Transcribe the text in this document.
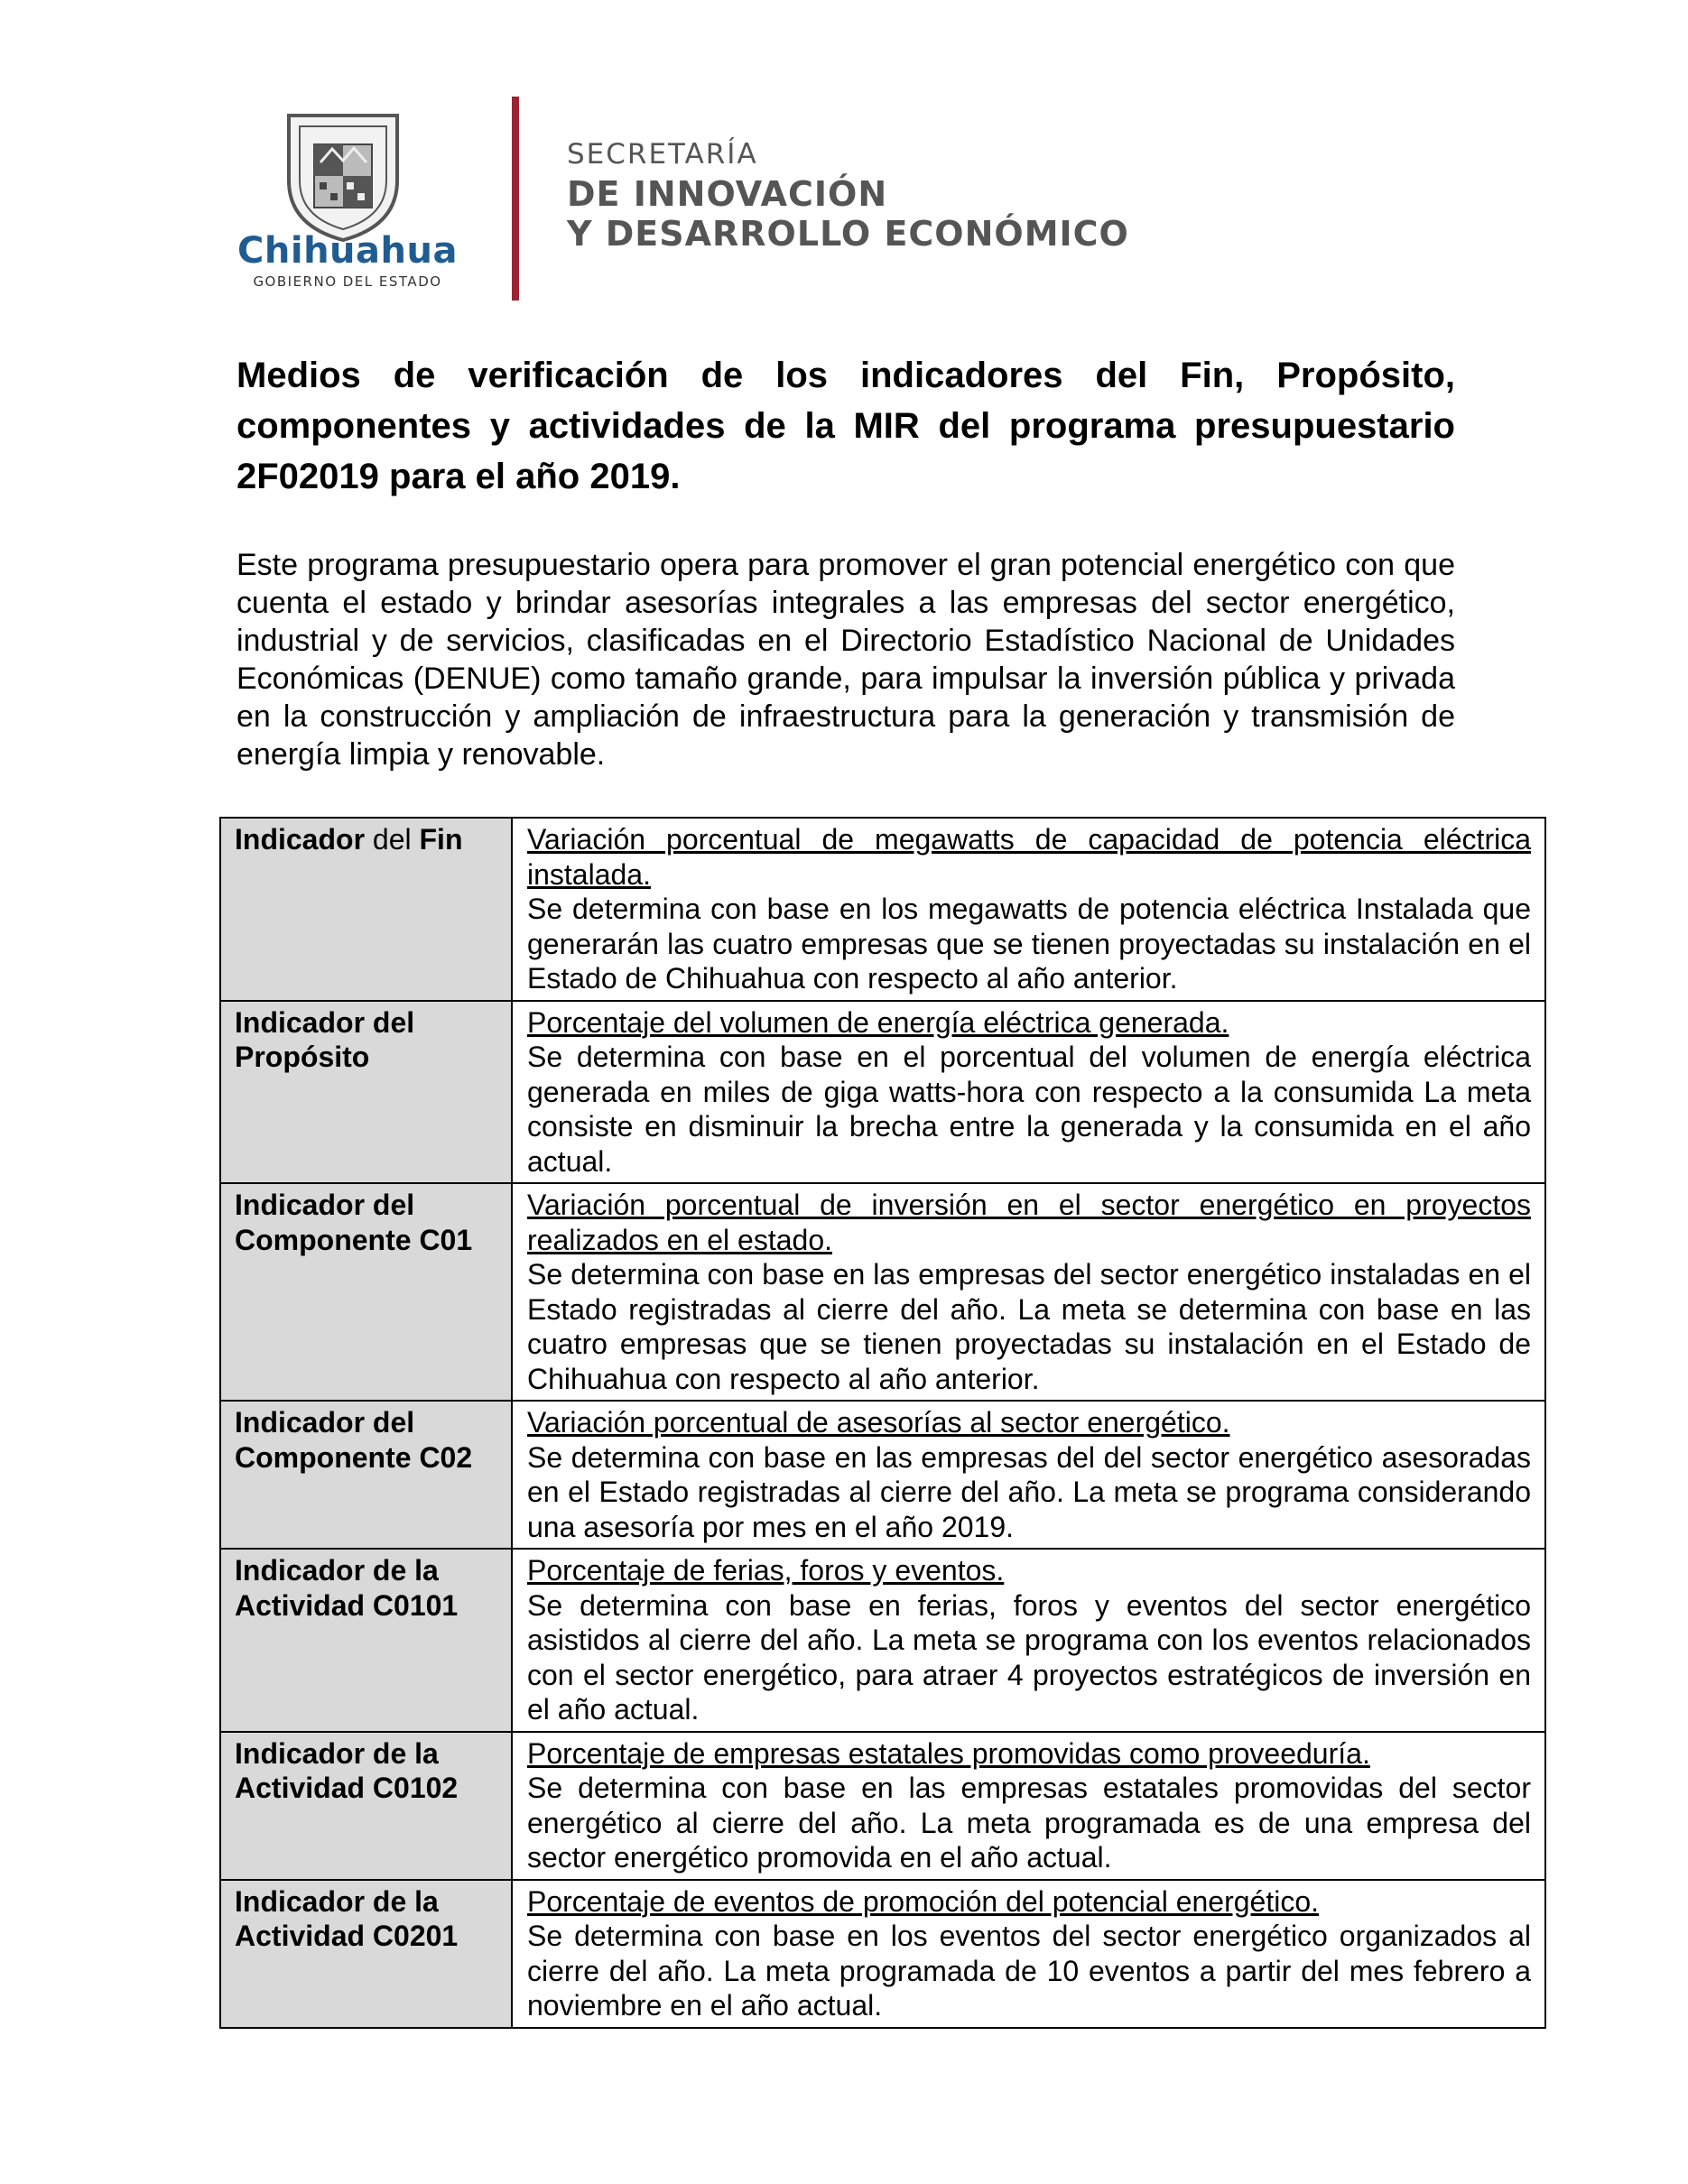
Chihuahua
GOBIERNO DEL ESTADO
SECRETARÍA
DE INNOVACIÓN
Y DESARROLLO ECONÓMICO
Medios de verificación de los indicadores del Fin, Propósito, componentes y actividades de la MIR del programa presupuestario 2F02019 para el año 2019.
Este programa presupuestario opera para promover el gran potencial energético con que cuenta el estado y brindar asesorías integrales a las empresas del sector energético, industrial y de servicios, clasificadas en el Directorio Estadístico Nacional de Unidades Económicas (DENUE) como tamaño grande, para impulsar la inversión pública y privada en la construcción y ampliación de infraestructura para la generación y transmisión de energía limpia y renovable.
Indicador del Fin	Variación porcentual de megawatts de capacidad de potencia eléctrica instalada.
Se determina con base en los megawatts de potencia eléctrica Instalada que generarán las cuatro empresas que se tienen proyectadas su instalación en el Estado de Chihuahua con respecto al año anterior.

Indicador del Propósito	Porcentaje del volumen de energía eléctrica generada.
Se determina con base en el porcentual del volumen de energía eléctrica generada en miles de giga watts-hora con respecto a la consumida La meta consiste en disminuir la brecha entre la generada y la consumida en el año actual.

Indicador del Componente C01	Variación porcentual de inversión en el sector energético en proyectos realizados en el estado.
Se determina con base en las empresas del sector energético instaladas en el Estado registradas al cierre del año. La meta se determina con base en las cuatro empresas que se tienen proyectadas su instalación en el Estado de Chihuahua con respecto al año anterior.

Indicador del Componente C02	Variación porcentual de asesorías al sector energético.
Se determina con base en las empresas del del sector energético asesoradas en el Estado registradas al cierre del año. La meta se programa considerando una asesoría por mes en el año 2019.

Indicador de la Actividad C0101	Porcentaje de ferias, foros y eventos.
Se determina con base en ferias, foros y eventos del sector energético asistidos al cierre del año. La meta se programa con los eventos relacionados con el sector energético, para atraer 4 proyectos estratégicos de inversión en el año actual.

Indicador de la Actividad C0102	Porcentaje de empresas estatales promovidas como proveeduría.
Se determina con base en las empresas estatales promovidas del sector energético al cierre del año. La meta programada es de una empresa del sector energético promovida en el año actual.

Indicador de la Actividad C0201	Porcentaje de eventos de promoción del potencial energético.
Se determina con base en los eventos del sector energético organizados al cierre del año. La meta programada de 10 eventos a partir del mes febrero a noviembre en el año actual.
